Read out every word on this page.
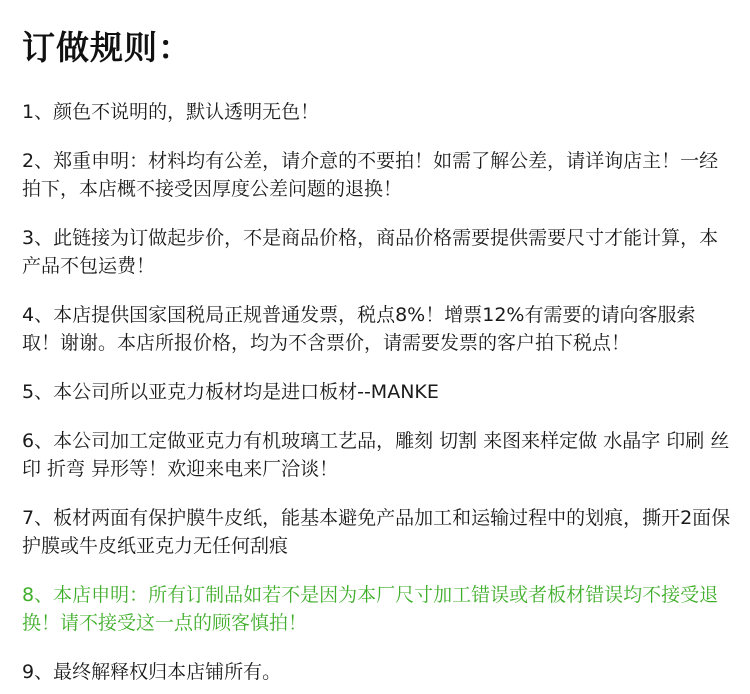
订做规则：
1、颜色不说明的，默认透明无色！
2、郑重申明：材料均有公差，请介意的不要拍！如需了解公差，请详询店主！一经拍下，本店概不接受因厚度公差问题的退换！
3、此链接为订做起步价，不是商品价格，商品价格需要提供需要尺寸才能计算，本产品不包运费！
4、本店提供国家国税局正规普通发票，税点8%！增票12%有需要的请向客服索取！谢谢。本店所报价格，均为不含票价，请需要发票的客户拍下税点！
5、本公司所以亚克力板材均是进口板材--MANKE
6、本公司加工定做亚克力有机玻璃工艺品，雕刻 切割 来图来样定做 水晶字 印刷 丝印 折弯 异形等！欢迎来电来厂洽谈！
7、板材两面有保护膜牛皮纸，能基本避免产品加工和运输过程中的划痕，撕开2面保护膜或牛皮纸亚克力无任何刮痕
8、本店申明：所有订制品如若不是因为本厂尺寸加工错误或者板材错误均不接受退换！请不接受这一点的顾客慎拍！
9、最终解释权归本店铺所有。
